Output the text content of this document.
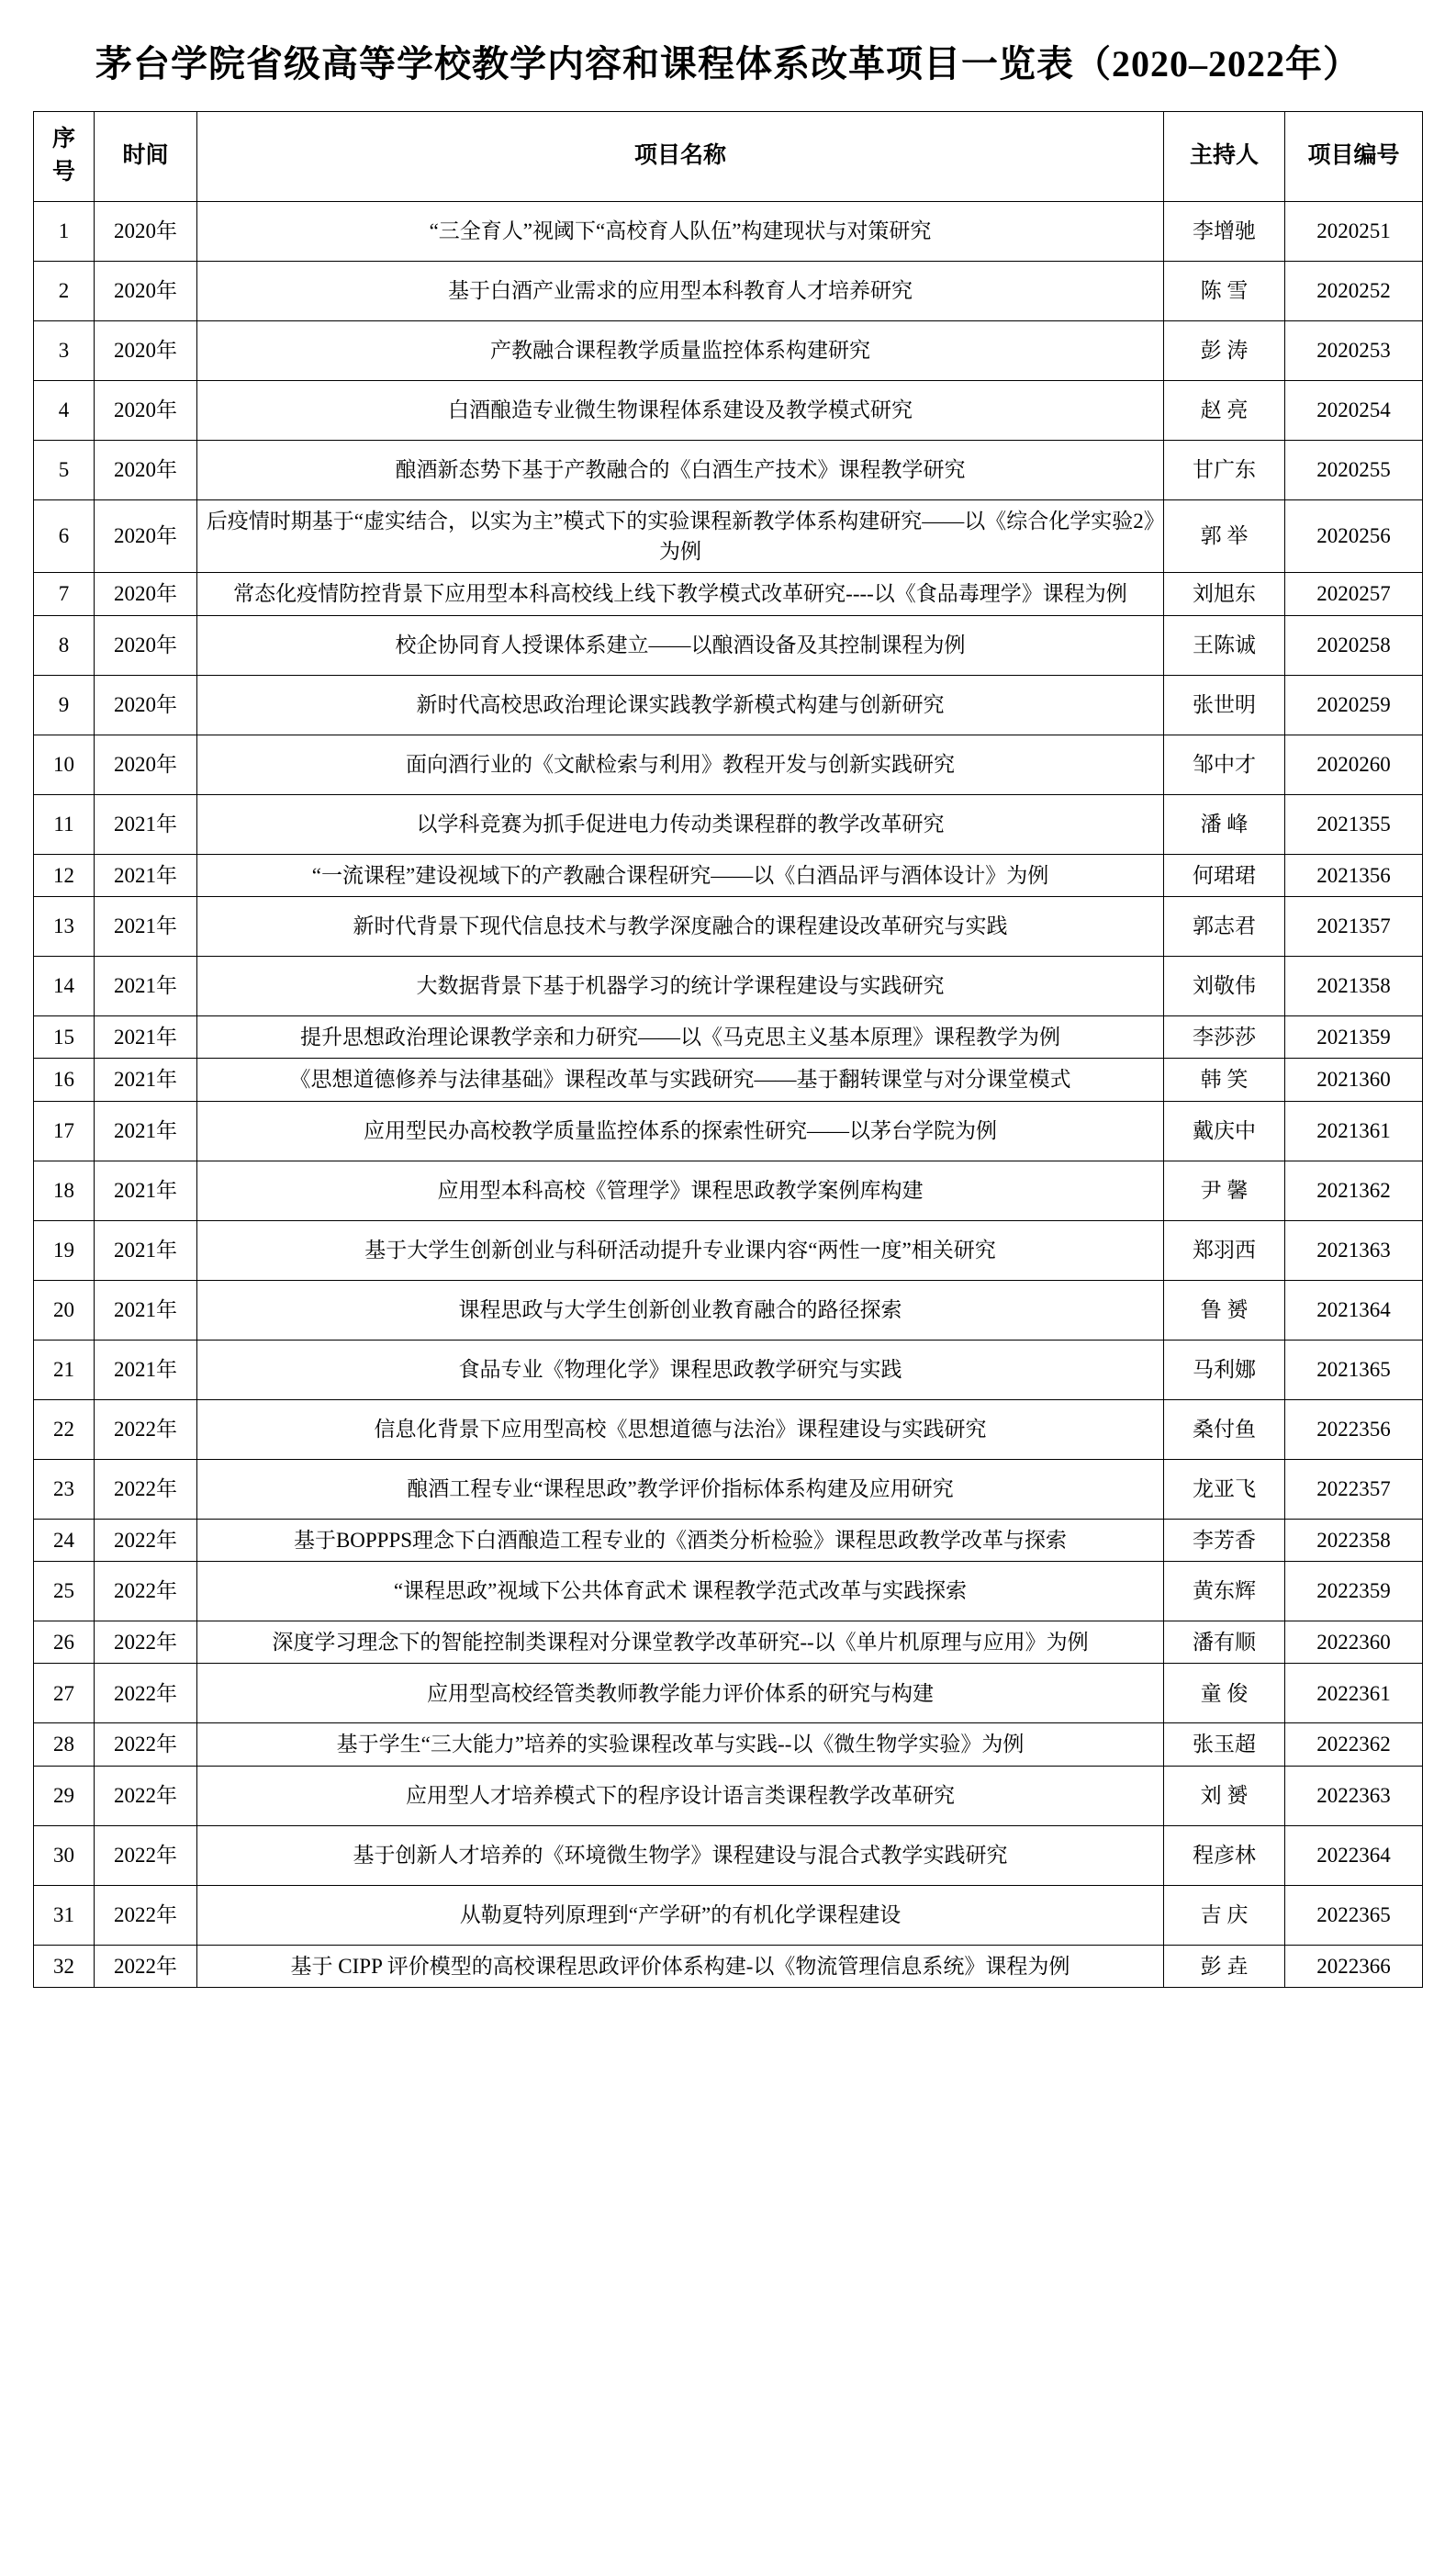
茅台学院省级高等学校教学内容和课程体系改革项目一览表（2020–2022年）
序号	时间	项目名称	主持人	项目编号
1	2020年	“三全育人”视阈下“高校育人队伍”构建现状与对策研究	李增驰	2020251
2	2020年	基于白酒产业需求的应用型本科教育人才培养研究	陈 雪	2020252
3	2020年	产教融合课程教学质量监控体系构建研究	彭 涛	2020253
4	2020年	白酒酿造专业微生物课程体系建设及教学模式研究	赵 亮	2020254
5	2020年	酿酒新态势下基于产教融合的《白酒生产技术》课程教学研究	甘广东	2020255
6	2020年	后疫情时期基于“虚实结合，以实为主”模式下的实验课程新教学体系构建研究——以《综合化学实验2》为例	郭 举	2020256
7	2020年	常态化疫情防控背景下应用型本科高校线上线下教学模式改革研究----以《食品毒理学》课程为例	刘旭东	2020257
8	2020年	校企协同育人授课体系建立——以酿酒设备及其控制课程为例	王陈诚	2020258
9	2020年	新时代高校思政治理论课实践教学新模式构建与创新研究	张世明	2020259
10	2020年	面向酒行业的《文献检索与利用》教程开发与创新实践研究	邹中才	2020260
11	2021年	以学科竞赛为抓手促进电力传动类课程群的教学改革研究	潘 峰	2021355
12	2021年	“一流课程”建设视域下的产教融合课程研究——以《白酒品评与酒体设计》为例	何珺珺	2021356
13	2021年	新时代背景下现代信息技术与教学深度融合的课程建设改革研究与实践	郭志君	2021357
14	2021年	大数据背景下基于机器学习的统计学课程建设与实践研究	刘敬伟	2021358
15	2021年	提升思想政治理论课教学亲和力研究——以《马克思主义基本原理》课程教学为例	李莎莎	2021359
16	2021年	《思想道德修养与法律基础》课程改革与实践研究——基于翻转课堂与对分课堂模式	韩 笑	2021360
17	2021年	应用型民办高校教学质量监控体系的探索性研究——以茅台学院为例	戴庆中	2021361
18	2021年	应用型本科高校《管理学》课程思政教学案例库构建	尹 馨	2021362
19	2021年	基于大学生创新创业与科研活动提升专业课内容“两性一度”相关研究	郑羽西	2021363
20	2021年	课程思政与大学生创新创业教育融合的路径探索	鲁 赟	2021364
21	2021年	食品专业《物理化学》课程思政教学研究与实践	马利娜	2021365
22	2022年	信息化背景下应用型高校《思想道德与法治》课程建设与实践研究	桑付鱼	2022356
23	2022年	酿酒工程专业“课程思政”教学评价指标体系构建及应用研究	龙亚飞	2022357
24	2022年	基于BOPPPS理念下白酒酿造工程专业的《酒类分析检验》课程思政教学改革与探索	李芳香	2022358
25	2022年	“课程思政”视域下公共体育武术 课程教学范式改革与实践探索	黄东辉	2022359
26	2022年	深度学习理念下的智能控制类课程对分课堂教学改革研究--以《单片机原理与应用》为例	潘有顺	2022360
27	2022年	应用型高校经管类教师教学能力评价体系的研究与构建	童 俊	2022361
28	2022年	基于学生“三大能力”培养的实验课程改革与实践--以《微生物学实验》为例	张玉超	2022362
29	2022年	应用型人才培养模式下的程序设计语言类课程教学改革研究	刘 赟	2022363
30	2022年	基于创新人才培养的《环境微生物学》课程建设与混合式教学实践研究	程彦林	2022364
31	2022年	从勒夏特列原理到“产学研”的有机化学课程建设	吉 庆	2022365
32	2022年	基于 CIPP 评价模型的高校课程思政评价体系构建-以《物流管理信息系统》课程为例	彭 垚	2022366
